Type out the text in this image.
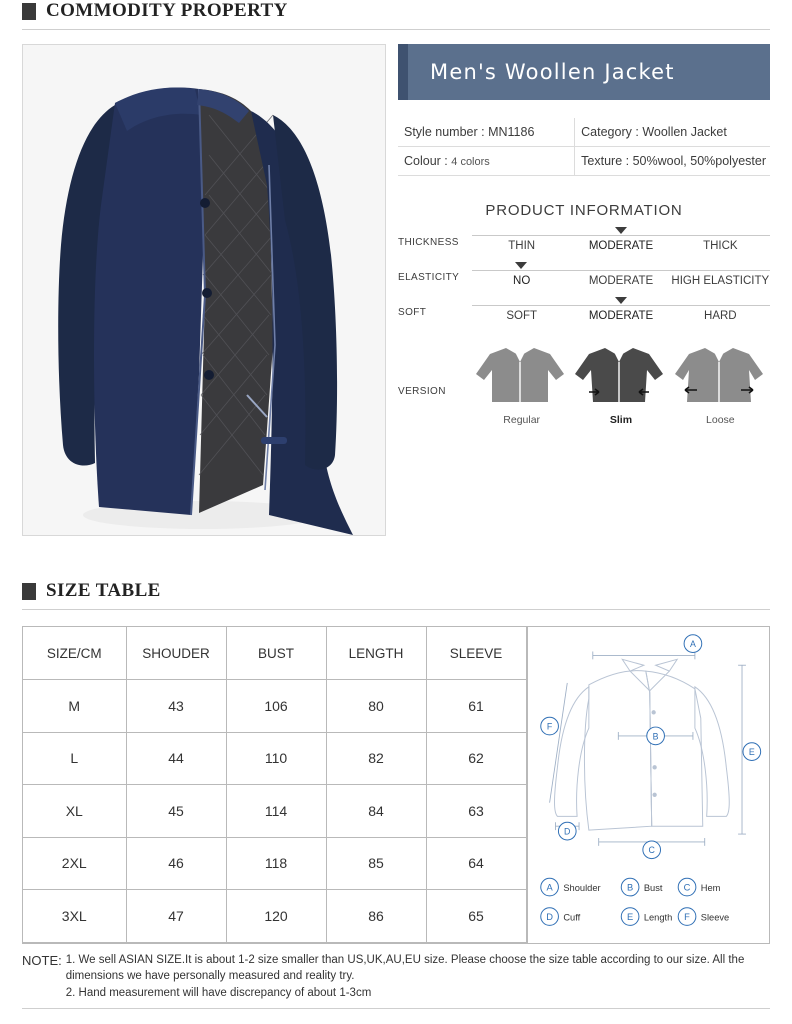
COMMODITY PROPERTY
Men's Woollen Jacket
Style number : MN1186	Category : Woollen Jacket
Colour : 4 colors	Texture : 50%wool, 50%polyester
PRODUCT INFORMATION
THICKNESS	THIN	MODERATE	THICK
ELASTICITY	NO	MODERATE	HIGH ELASTICITY
SOFT	SOFT	MODERATE	HARD
VERSION
Regular	Slim	Loose
SIZE TABLE
SIZE/CM	SHOUDER	BUST	LENGTH	SLEEVE
M	43	106	80	61
L	44	110	82	62
XL	45	114	84	63
2XL	46	118	85	64
3XL	47	120	86	65
A
B
C
D
E
F
A Shoulder	B Bust C Hem
D Cuff	E Length F Sleeve
NOTE: 1. We sell ASIAN SIZE.It is about 1-2 size smaller than US,UK,AU,EU size. Please choose the size table according to our size. All the dimensions we have personally measured and reality try.
2. Hand measurement will have discrepancy of about 1-3cm
